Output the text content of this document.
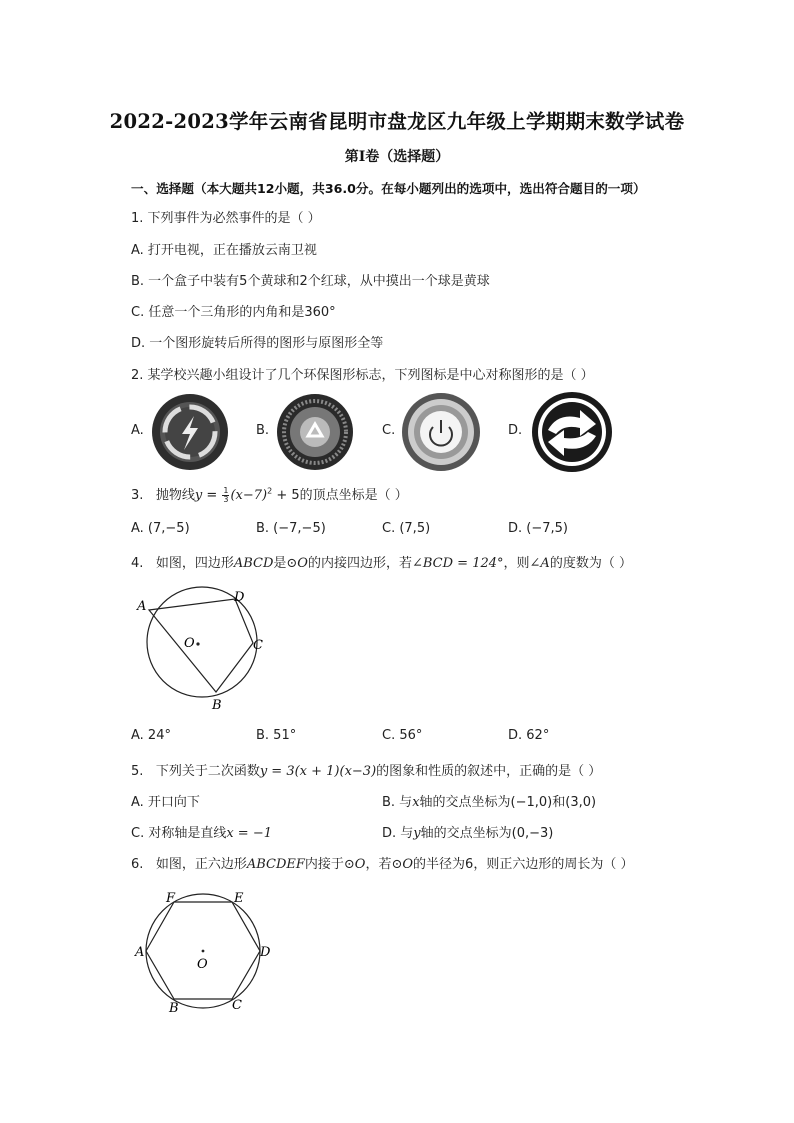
2022-2023学年云南省昆明市盘龙区九年级上学期期末数学试卷
第Ⅰ卷（选择题）
一、选择题（本大题共12小题，共36.0分。在每小题列出的选项中，选出符合题目的一项）
1. 下列事件为必然事件的是（ ）
A. 打开电视，正在播放云南卫视
B. 一个盒子中装有5个黄球和2个红球，从中摸出一个球是黄球
C. 任意一个三角形的内角和是360°
D. 一个图形旋转后所得的图形与原图形全等
2. 某学校兴趣小组设计了几个环保图形标志，下列图标是中心对称图形的是（ ）
A.	B.	C.	D.
3. 抛物线$y = \frac{1}{3} (x-7)^2 + 5$的顶点坐标是（ ）
A. (7,−5)	B. (−7,−5)	C. (7,5)	D. (−7,5)
4. 如图，四边形ABCD是⊙O的内接四边形，若∠BCD = 124°，则∠A的度数为（ ）
A
D
C
B
O
A. 24°	B. 51°	C. 56°	D. 62°
5. 下列关于二次函数y = 3(x + 1)(x−3)的图象和性质的叙述中，正确的是（ ）
A. 开口向下	B. 与x轴的交点坐标为(−1,0)和(3,0)
C. 对称轴是直线x = −1	D. 与y轴的交点坐标为(0,−3)
6. 如图，正六边形ABCDEF内接于⊙O，若⊙O的半径为6，则正六边形的周长为（ ）
F	E
A	D
B	C
O
